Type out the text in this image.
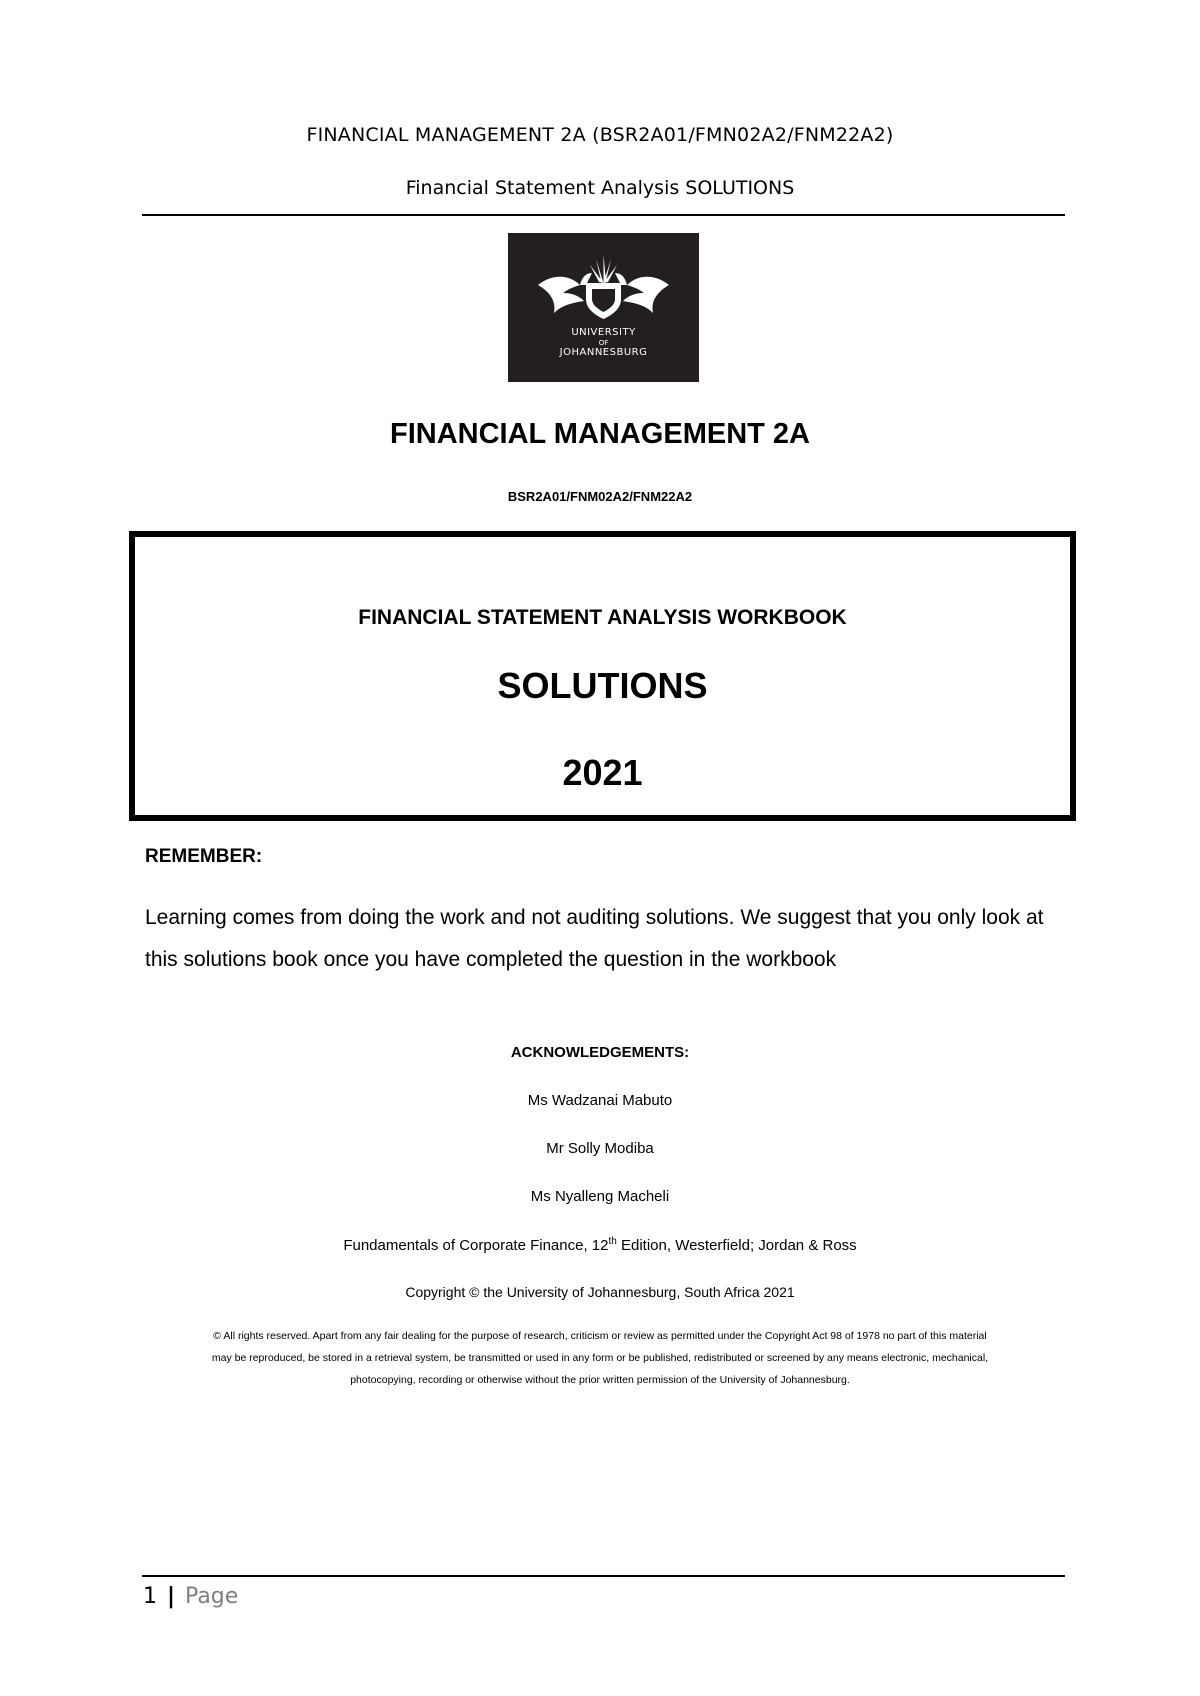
FINANCIAL MANAGEMENT 2A (BSR2A01/FMN02A2/FNM22A2)
Financial Statement Analysis SOLUTIONS
UNIVERSITY
OF
JOHANNESBURG
FINANCIAL MANAGEMENT 2A
BSR2A01/FNM02A2/FNM22A2
FINANCIAL STATEMENT ANALYSIS WORKBOOK
SOLUTIONS
2021
REMEMBER:
Learning comes from doing the work and not auditing solutions. We suggest that you only look at this solutions book once you have completed the question in the workbook
ACKNOWLEDGEMENTS:
Ms Wadzanai Mabuto
Mr Solly Modiba
Ms Nyalleng Macheli
Fundamentals of Corporate Finance, 12th Edition, Westerfield; Jordan & Ross
Copyright © the University of Johannesburg, South Africa 2021
© All rights reserved. Apart from any fair dealing for the purpose of research, criticism or review as permitted under the Copyright Act 98 of 1978 no part of this material may be reproduced, be stored in a retrieval system, be transmitted or used in any form or be published, redistributed or screened by any means electronic, mechanical, photocopying, recording or otherwise without the prior written permission of the University of Johannesburg.
1 | Page
